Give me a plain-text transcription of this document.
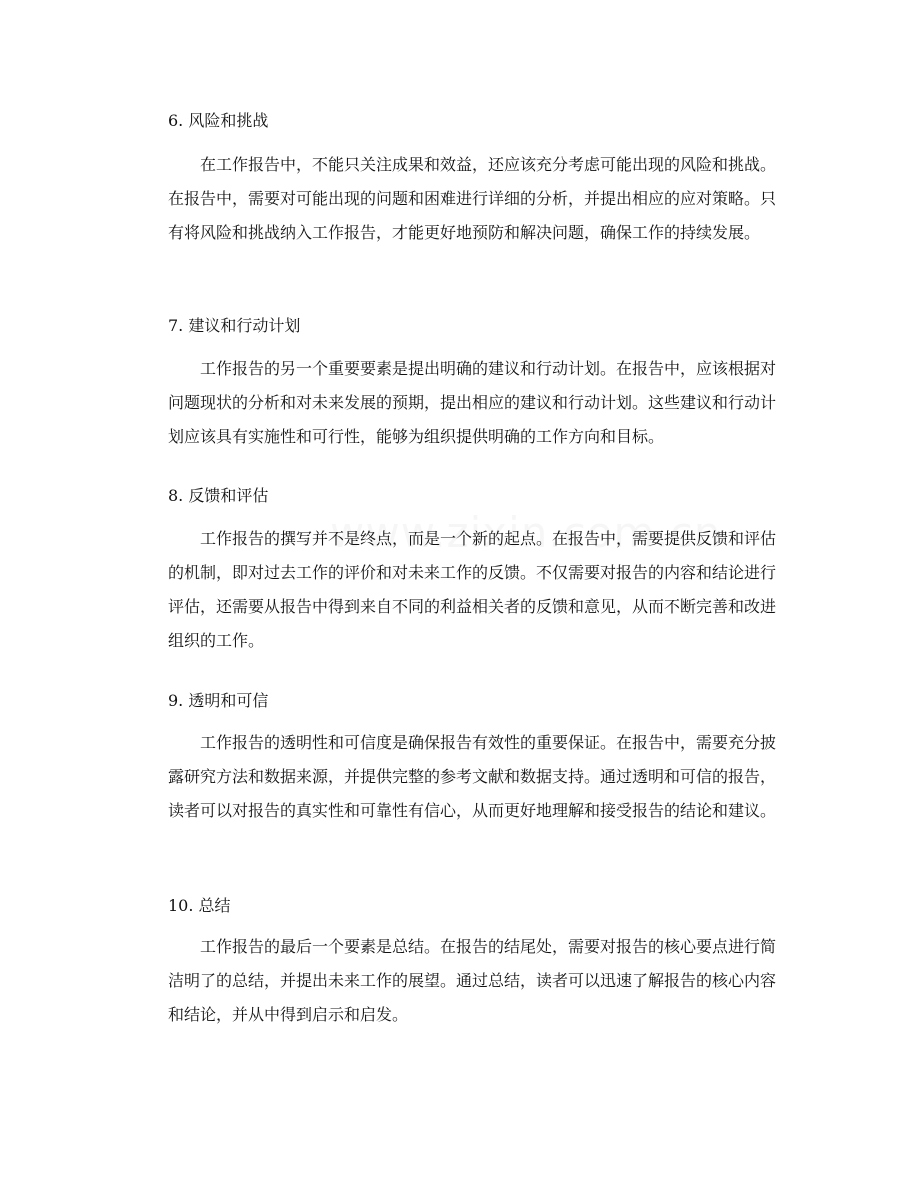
6. 风险和挑战
在工作报告中，不能只关注成果和效益，还应该充分考虑可能出现的风险和挑战。在报告中，需要对可能出现的问题和困难进行详细的分析，并提出相应的应对策略。只有将风险和挑战纳入工作报告，才能更好地预防和解决问题，确保工作的持续发展。
7. 建议和行动计划
工作报告的另一个重要要素是提出明确的建议和行动计划。在报告中，应该根据对问题现状的分析和对未来发展的预期，提出相应的建议和行动计划。这些建议和行动计划应该具有实施性和可行性，能够为组织提供明确的工作方向和目标。
8. 反馈和评估
工作报告的撰写并不是终点，而是一个新的起点。在报告中，需要提供反馈和评估的机制，即对过去工作的评价和对未来工作的反馈。不仅需要对报告的内容和结论进行评估，还需要从报告中得到来自不同的利益相关者的反馈和意见，从而不断完善和改进组织的工作。
9. 透明和可信
工作报告的透明性和可信度是确保报告有效性的重要保证。在报告中，需要充分披露研究方法和数据来源，并提供完整的参考文献和数据支持。通过透明和可信的报告，读者可以对报告的真实性和可靠性有信心，从而更好地理解和接受报告的结论和建议。
10. 总结
工作报告的最后一个要素是总结。在报告的结尾处，需要对报告的核心要点进行简洁明了的总结，并提出未来工作的展望。通过总结，读者可以迅速了解报告的核心内容和结论，并从中得到启示和启发。
